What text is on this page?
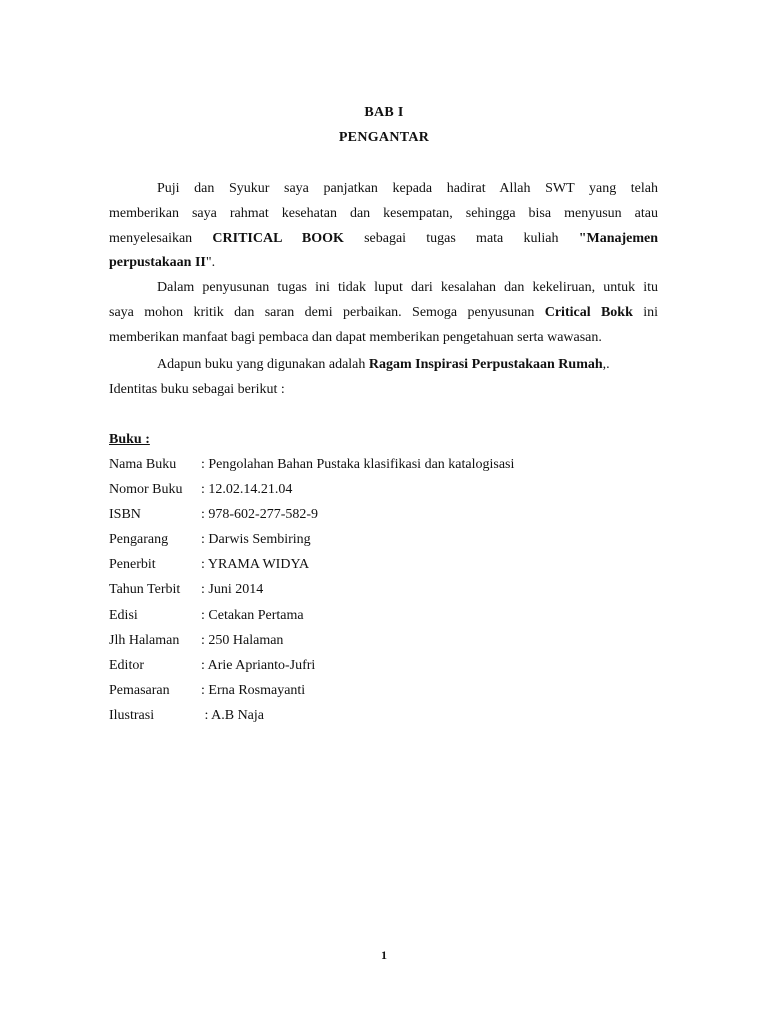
BAB I
PENGANTAR
Puji dan Syukur saya panjatkan kepada hadirat Allah SWT yang telah
memberikan saya rahmat kesehatan dan kesempatan, sehingga bisa menyusun atau
menyelesaikan CRITICAL BOOK sebagai tugas mata kuliah "Manajemen
perpustakaan II".
Dalam penyusunan tugas ini tidak luput dari kesalahan dan kekeliruan, untuk itu
saya mohon kritik dan saran demi perbaikan. Semoga penyusunan Critical Bokk ini
memberikan manfaat bagi pembaca dan dapat memberikan pengetahuan serta wawasan.
Adapun buku yang digunakan adalah Ragam Inspirasi Perpustakaan Rumah,.
Identitas buku sebagai berikut :
Buku :
Nama Buku : Pengolahan Bahan Pustaka klasifikasi dan katalogisasi
Nomor Buku : 12.02.14.21.04
ISBN	: 978-602-277-582-9
Pengarang : Darwis Sembiring
Penerbit	: YRAMA WIDYA
Tahun Terbit : Juni 2014
Edisi	: Cetakan Pertama
Jlh Halaman : 250 Halaman
Editor	: Arie Aprianto-Jufri
Pemasaran : Erna Rosmayanti
Ilustrasi	: A.B Naja
1
